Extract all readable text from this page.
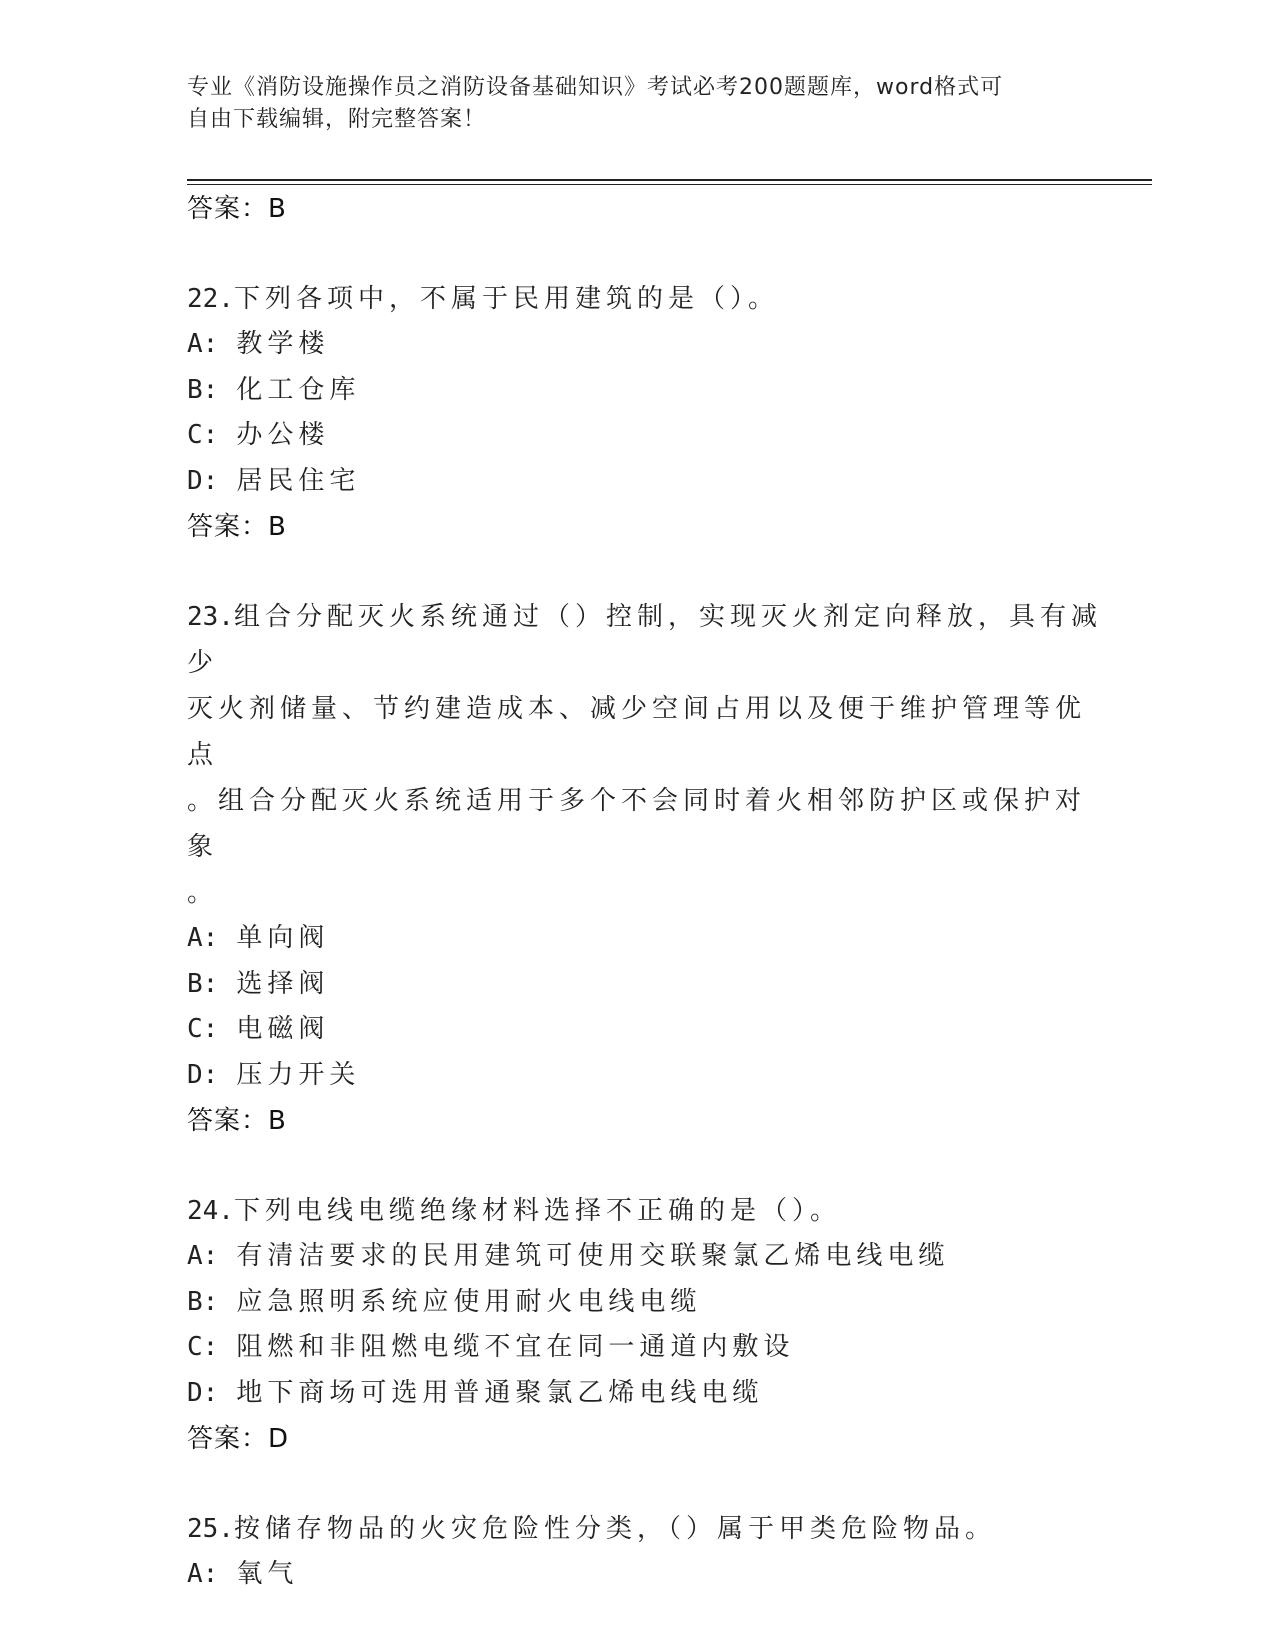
专业《消防设施操作员之消防设备基础知识》考试必考200题题库，word格式可
自由下载编辑，附完整答案！
答案：B
22.下列各项中，不属于民用建筑的是（）。
A: 教学楼
B: 化工仓库
C: 办公楼
D: 居民住宅
答案：B
23.组合分配灭火系统通过（）控制，实现灭火剂定向释放，具有减少
灭火剂储量、节约建造成本、减少空间占用以及便于维护管理等优点
。组合分配灭火系统适用于多个不会同时着火相邻防护区或保护对象
。
A: 单向阀
B: 选择阀
C: 电磁阀
D: 压力开关
答案：B
24.下列电线电缆绝缘材料选择不正确的是（）。
A: 有清洁要求的民用建筑可使用交联聚氯乙烯电线电缆
B: 应急照明系统应使用耐火电线电缆
C: 阻燃和非阻燃电缆不宜在同一通道内敷设
D: 地下商场可选用普通聚氯乙烯电线电缆
答案：D
25.按储存物品的火灾危险性分类，（）属于甲类危险物品。
A: 氧气
